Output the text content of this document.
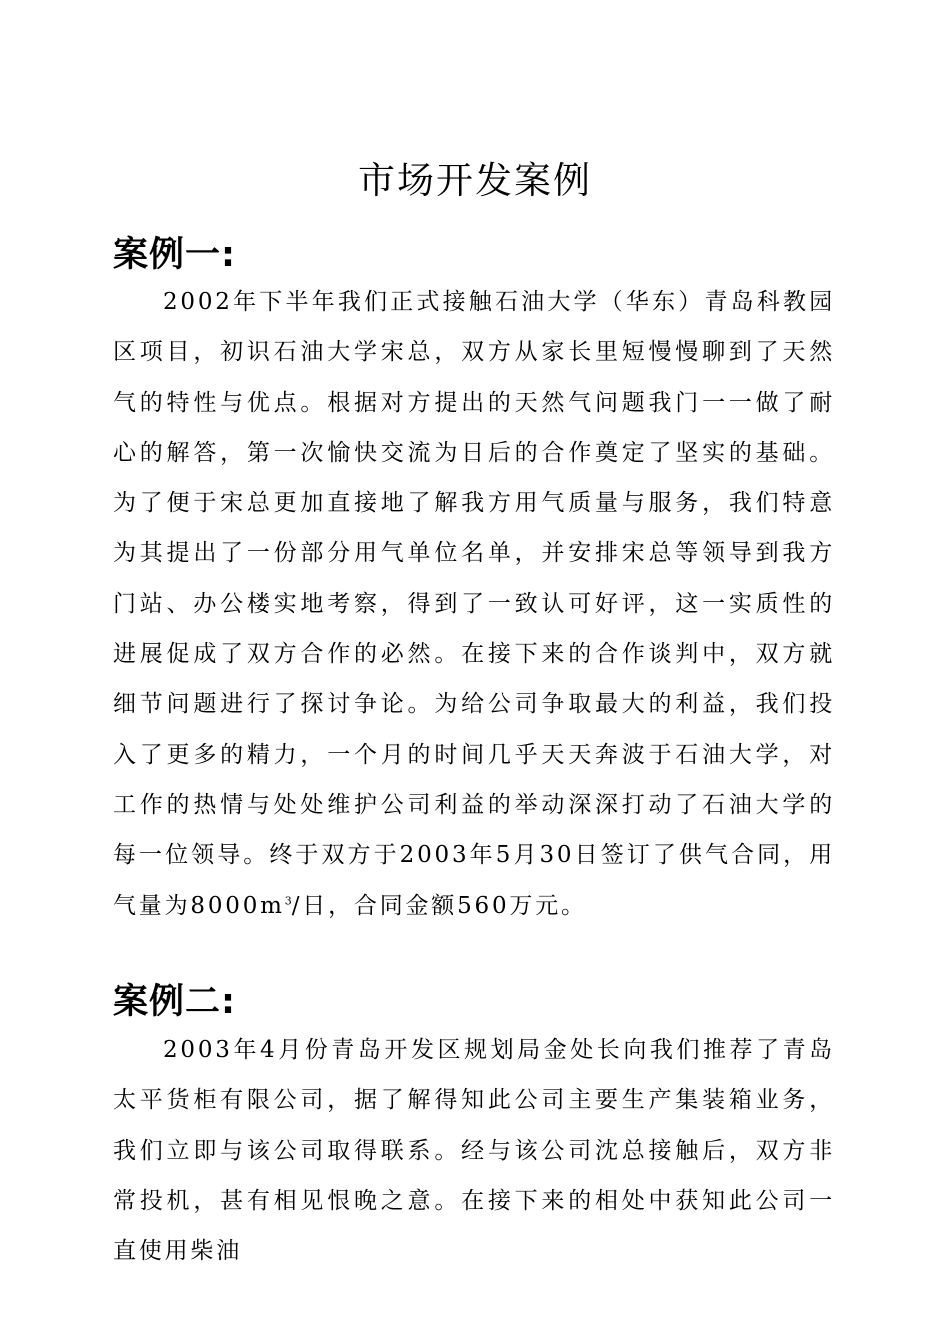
市场开发案例
案例一:

2002年下半年我们正式接触石油大学（华东）青岛科教园区项目，初识石油大学宋总，双方从家长里短慢慢聊到了天然气的特性与优点。根据对方提出的天然气问题我门一一做了耐心的解答，第一次愉快交流为日后的合作奠定了坚实的基础。为了便于宋总更加直接地了解我方用气质量与服务，我们特意为其提出了一份部分用气单位名单，并安排宋总等领导到我方门站、办公楼实地考察，得到了一致认可好评，这一实质性的进展促成了双方合作的必然。在接下来的合作谈判中，双方就细节问题进行了探讨争论。为给公司争取最大的利益，我们投入了更多的精力，一个月的时间几乎天天奔波于石油大学，对工作的热情与处处维护公司利益的举动深深打动了石油大学的每一位领导。终于双方于2003年5月30日签订了供气合同，用气量为$8000m^3/$日，合同金额560万元。

案例二:

2003年4月份青岛开发区规划局金处长向我们推荐了青岛太平货柜有限公司，据了解得知此公司主要生产集装箱业务，我们立即与该公司取得联系。经与该公司沈总接触后，双方非常投机，甚有相见恨晚之意。在接下来的相处中获知此公司一直使用柴油
